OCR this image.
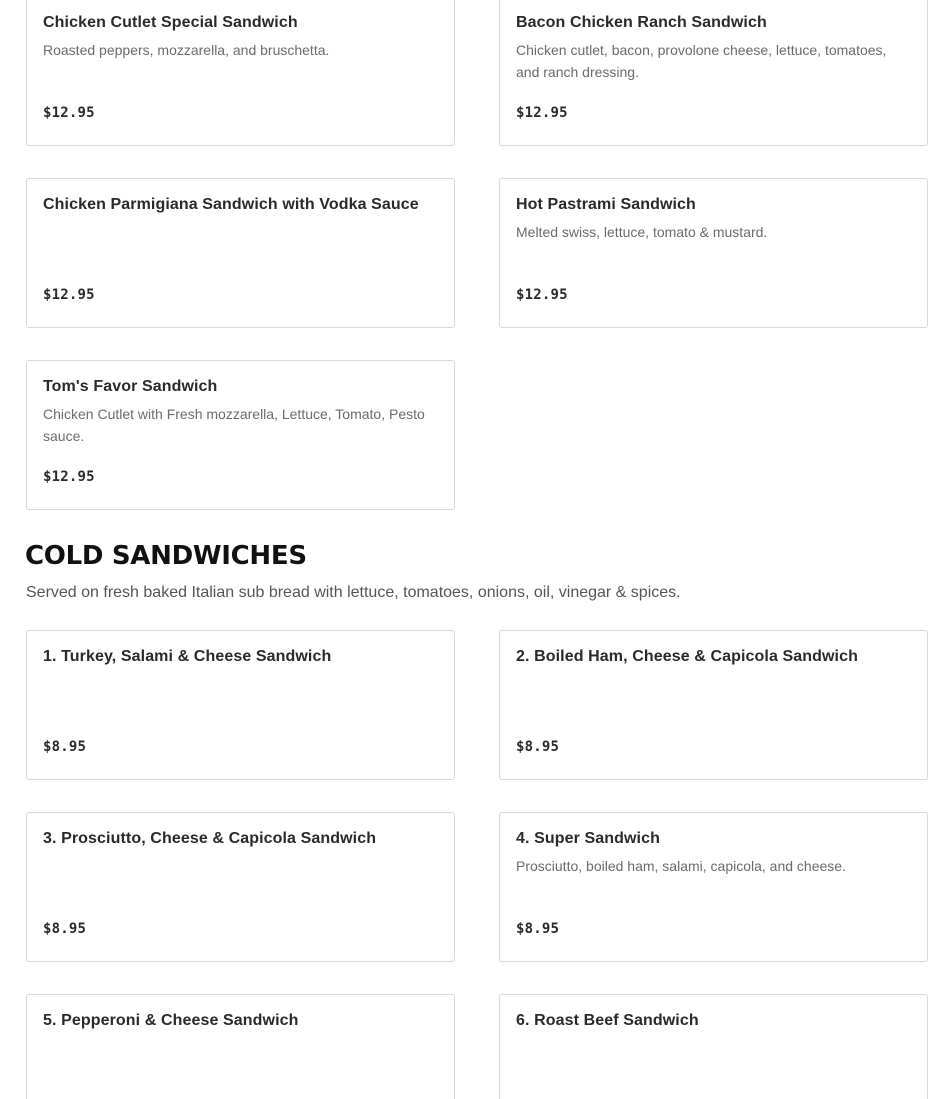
Chicken Cutlet Special Sandwich
Roasted peppers, mozzarella, and bruschetta.
$12.95
Bacon Chicken Ranch Sandwich
Chicken cutlet, bacon, provolone cheese, lettuce, tomatoes, and ranch dressing.
$12.95
Chicken Parmigiana Sandwich with Vodka Sauce
$12.95
Hot Pastrami Sandwich
Melted swiss, lettuce, tomato & mustard.
$12.95
Tom's Favor Sandwich
Chicken Cutlet with Fresh mozzarella, Lettuce, Tomato, Pesto sauce.
$12.95
COLD SANDWICHES

Served on fresh baked Italian sub bread with lettuce, tomatoes, onions, oil, vinegar & spices.

1. Turkey, Salami & Cheese Sandwich
$8.95
2. Boiled Ham, Cheese & Capicola Sandwich
$8.95
3. Prosciutto, Cheese & Capicola Sandwich
$8.95
4. Super Sandwich
Prosciutto, boiled ham, salami, capicola, and cheese.
$8.95
5. Pepperoni & Cheese Sandwich	6. Roast Beef Sandwich
